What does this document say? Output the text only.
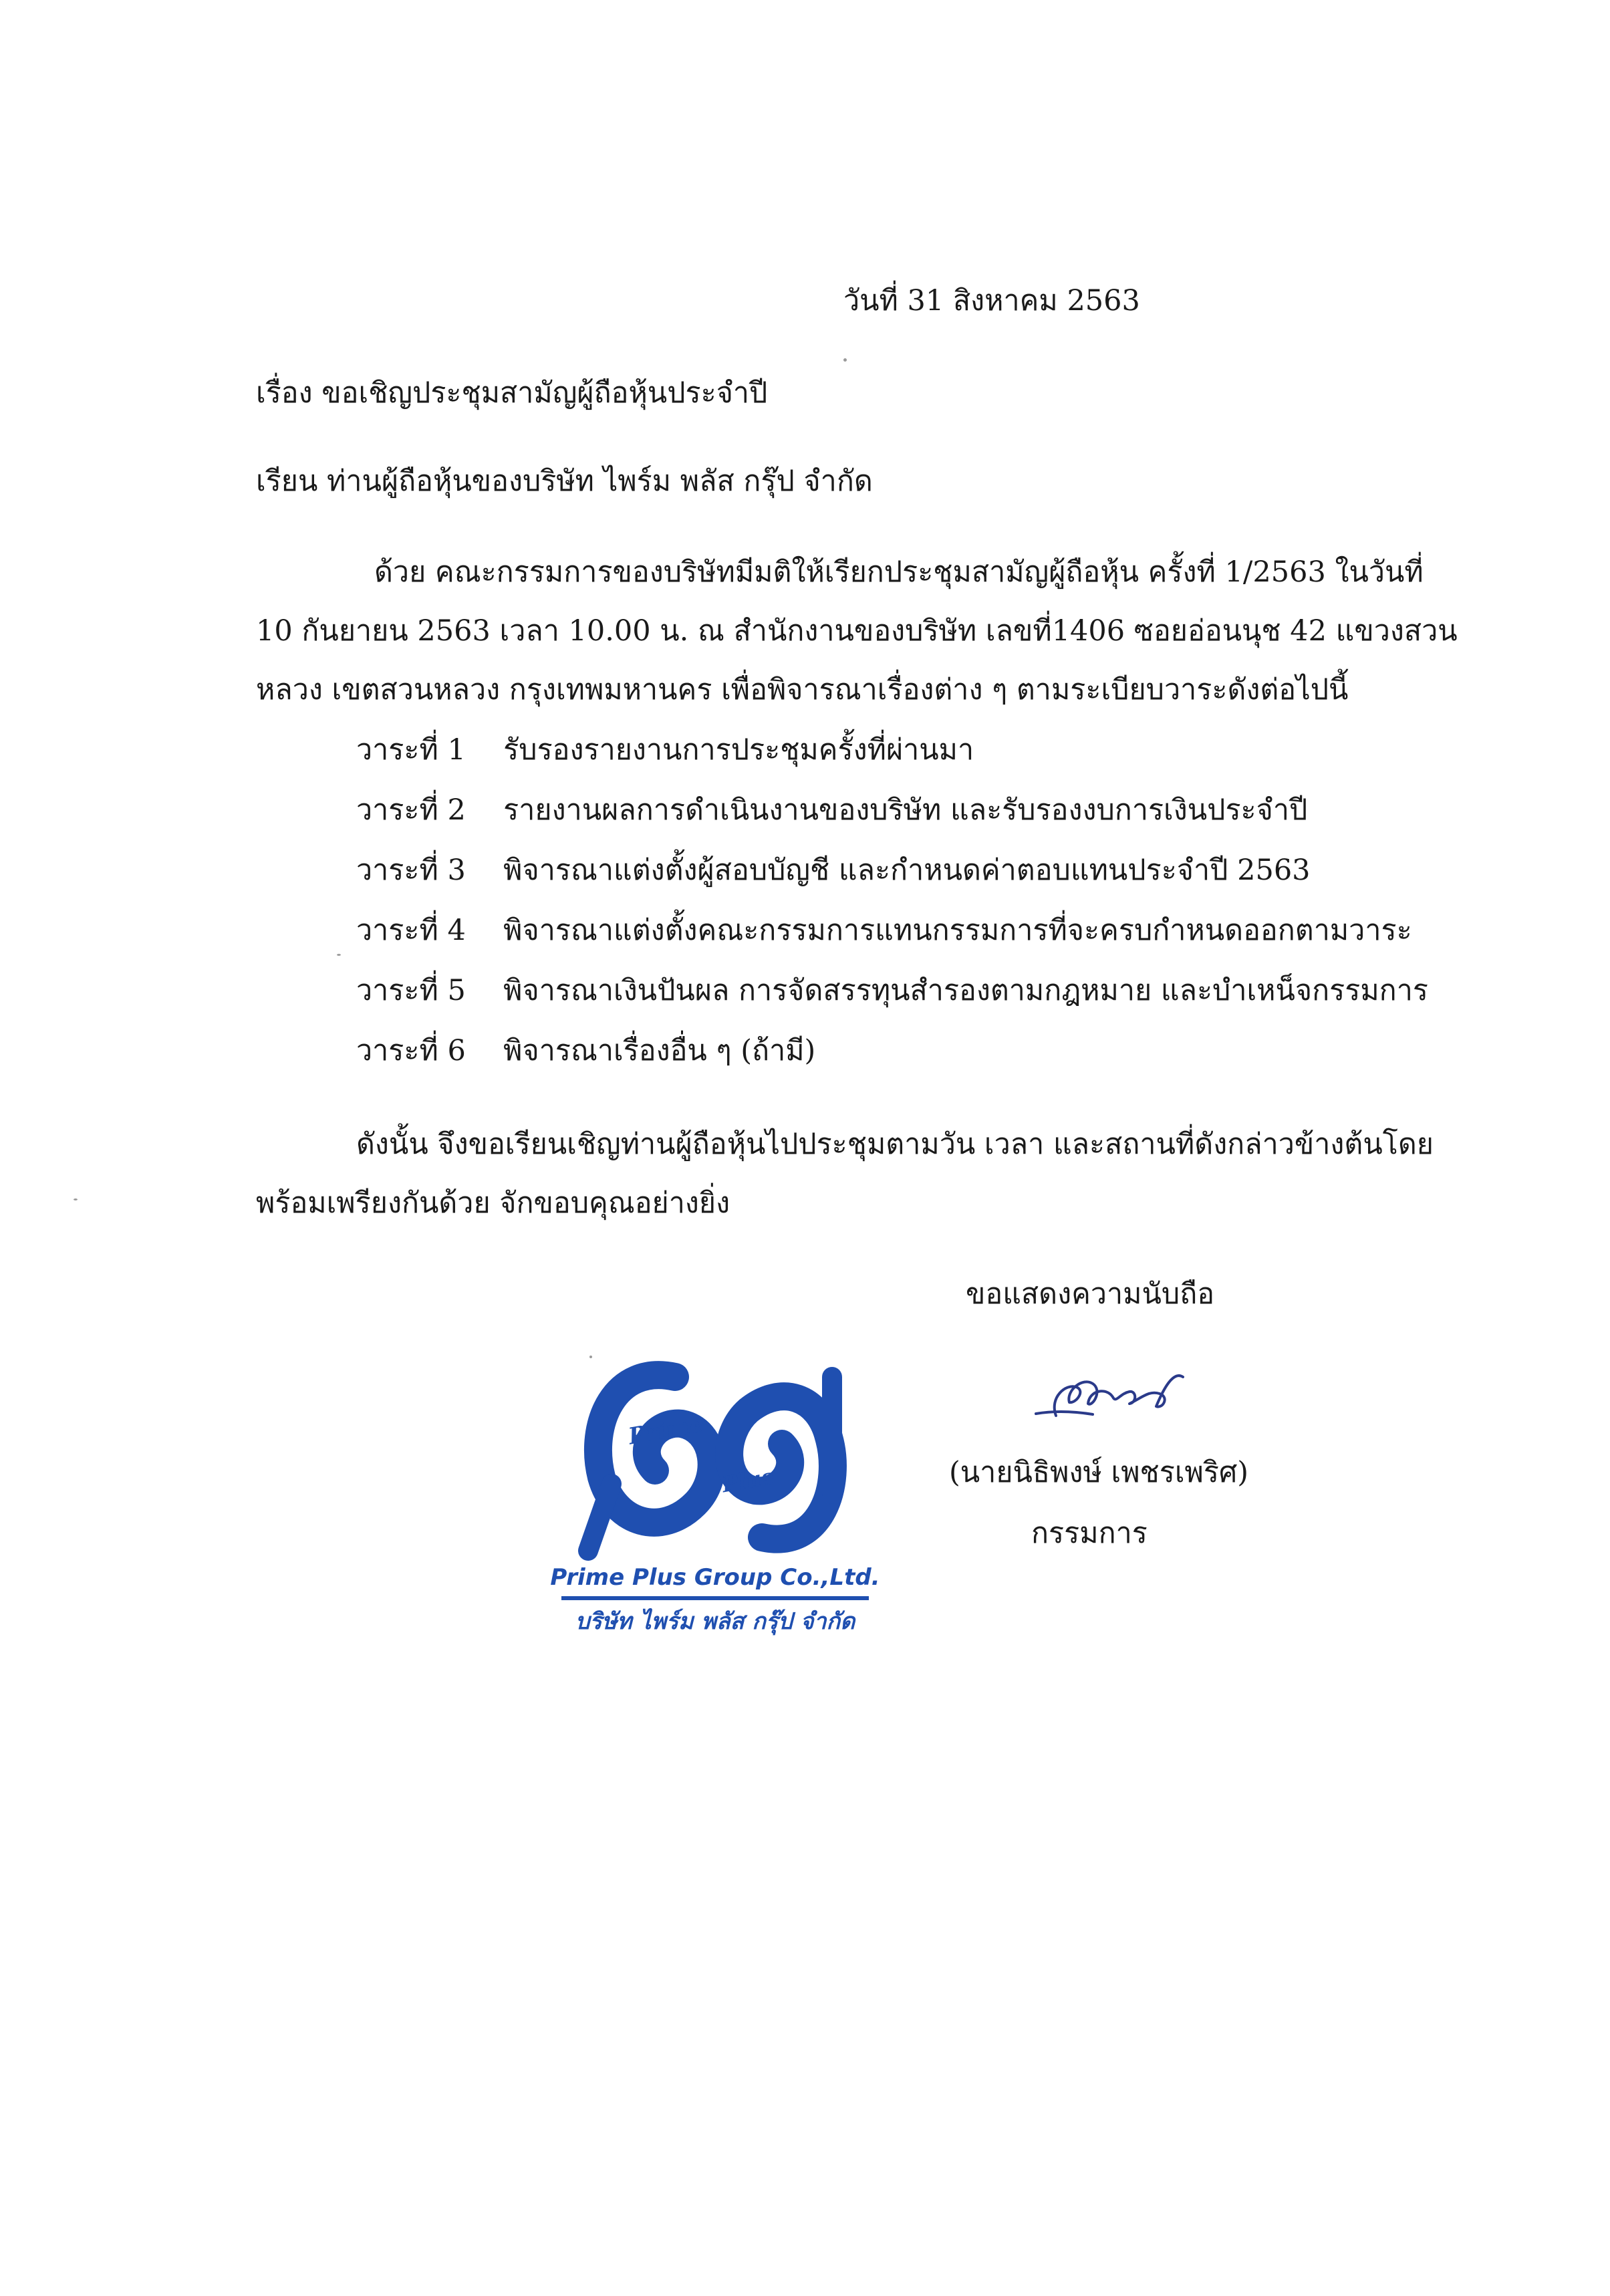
วันที่ 31 สิงหาคม 2563
เรื่อง ขอเชิญประชุมสามัญผู้ถือหุ้นประจำปี
เรียน ท่านผู้ถือหุ้นของบริษัท ไพร์ม พลัส กรุ๊ป จำกัด
ด้วย คณะกรรมการของบริษัทมีมติให้เรียกประชุมสามัญผู้ถือหุ้น ครั้งที่ 1/2563 ในวันที่
10 กันยายน 2563 เวลา 10.00 น. ณ สำนักงานของบริษัท เลขที่1406 ซอยอ่อนนุช 42 แขวงสวน
หลวง เขตสวนหลวง กรุงเทพมหานคร เพื่อพิจารณาเรื่องต่าง ๆ ตามระเบียบวาระดังต่อไปนี้
วาระที่ 1 รับรองรายงานการประชุมครั้งที่ผ่านมา
วาระที่ 2 รายงานผลการดำเนินงานของบริษัท และรับรองงบการเงินประจำปี
วาระที่ 3 พิจารณาแต่งตั้งผู้สอบบัญชี และกำหนดค่าตอบแทนประจำปี 2563
วาระที่ 4 พิจารณาแต่งตั้งคณะกรรมการแทนกรรมการที่จะครบกำหนดออกตามวาระ
วาระที่ 5 พิจารณาเงินปันผล การจัดสรรทุนสำรองตามกฎหมาย และบำเหน็จกรรมการ
วาระที่ 6 พิจารณาเรื่องอื่น ๆ (ถ้ามี)
ดังนั้น จึงขอเรียนเชิญท่านผู้ถือหุ้นไปประชุมตามวัน เวลา และสถานที่ดังกล่าวข้างต้นโดย
พร้อมเพรียงกันด้วย จักขอบคุณอย่างยิ่ง
ขอแสดงความนับถือ
(นายนิธิพงษ์ เพชรเพริศ)
กรรมการ
Prime
Plus
Prime Plus Group Co.,Ltd.
บริษัท ไพร์ม พลัส กรุ๊ป จำกัด
